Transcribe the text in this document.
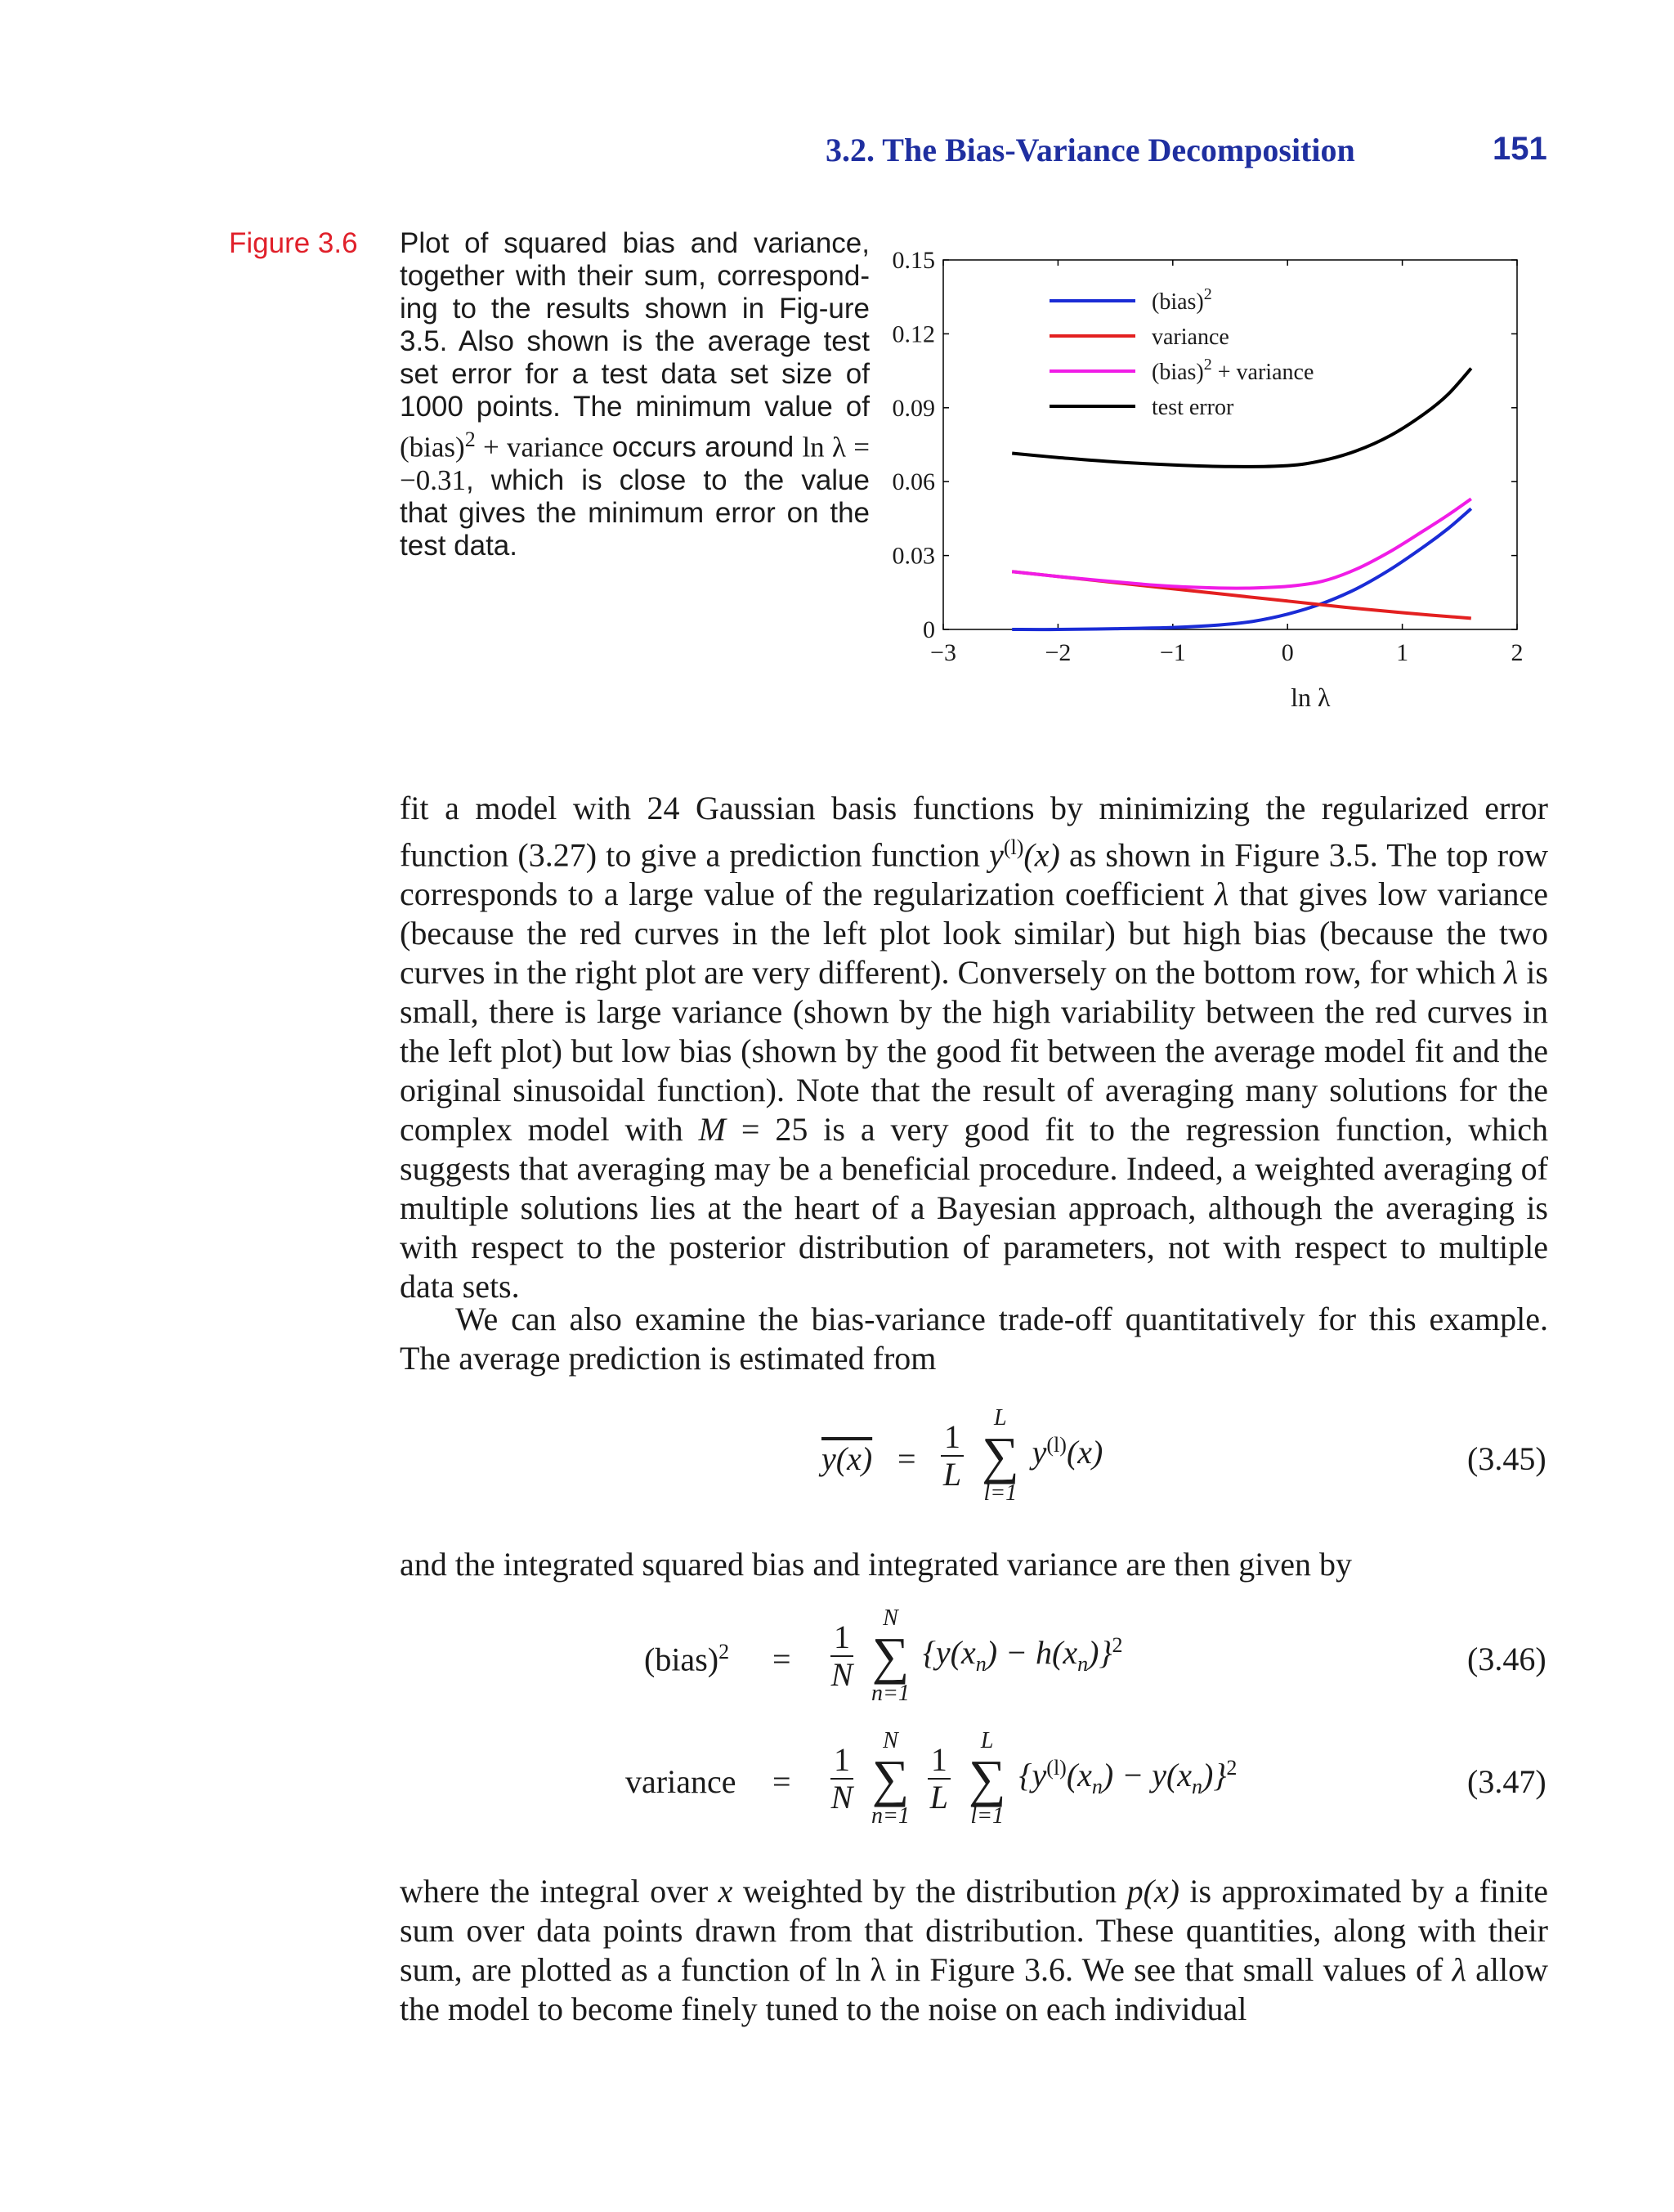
3.2. The Bias-Variance Decomposition	151
Figure 3.6 Plot of squared bias and variance, together with their sum, correspond-ing to the results shown in Fig-ure 3.5. Also shown is the average test set error for a test data set size of 1000 points. The minimum value of (bias)$^2$ + variance occurs around ln λ = −0.31, which is close to the value that gives the minimum error on the test data.
−3	−2	−1	0	1	2
0
0.03
0.06
0.09
0.12
0.15
ln λ
(bias)$^2$
variance
(bias)$^2$ + variance
test error
fit a model with 24 Gaussian basis functions by minimizing the regularized error function (3.27) to give a prediction function $y^{(l)}(x)$ as shown in Figure 3.5. The top row corresponds to a large value of the regularization coefficient λ that gives low variance (because the red curves in the left plot look similar) but high bias (because the two curves in the right plot are very different). Conversely on the bottom row, for which λ is small, there is large variance (shown by the high variability between the red curves in the left plot) but low bias (shown by the good fit between the average model fit and the original sinusoidal function). Note that the result of averaging many solutions for the complex model with M = 25 is a very good fit to the regression function, which suggests that averaging may be a beneficial procedure. Indeed, a weighted averaging of multiple solutions lies at the heart of a Bayesian approach, although the averaging is with respect to the posterior distribution of parameters, not with respect to multiple data sets.
We can also examine the bias-variance trade-off quantitatively for this example. The average prediction is estimated from
$y(x) = \frac{1}{L}$

L
∑
l=1
$y^{(l)}(x)$	(3.45)
and the integrated squared bias and integrated variance are then given by
(bias)$^2$ = $\frac{1}{N}$

N
∑
n=1
$\{y(x_n) - h(x_n)\}^2$	(3.46)
variance = $\frac{1}{N}$

N
∑
n=1

$\frac{1}{L}$

L
∑
l=1
$\{y^{(l)}(x_n) - y(x_n)\}^2$	(3.47)
where the integral over x weighted by the distribution p(x) is approximated by a finite sum over data points drawn from that distribution. These quantities, along with their sum, are plotted as a function of ln λ in Figure 3.6. We see that small values of λ allow the model to become finely tuned to the noise on each individual
